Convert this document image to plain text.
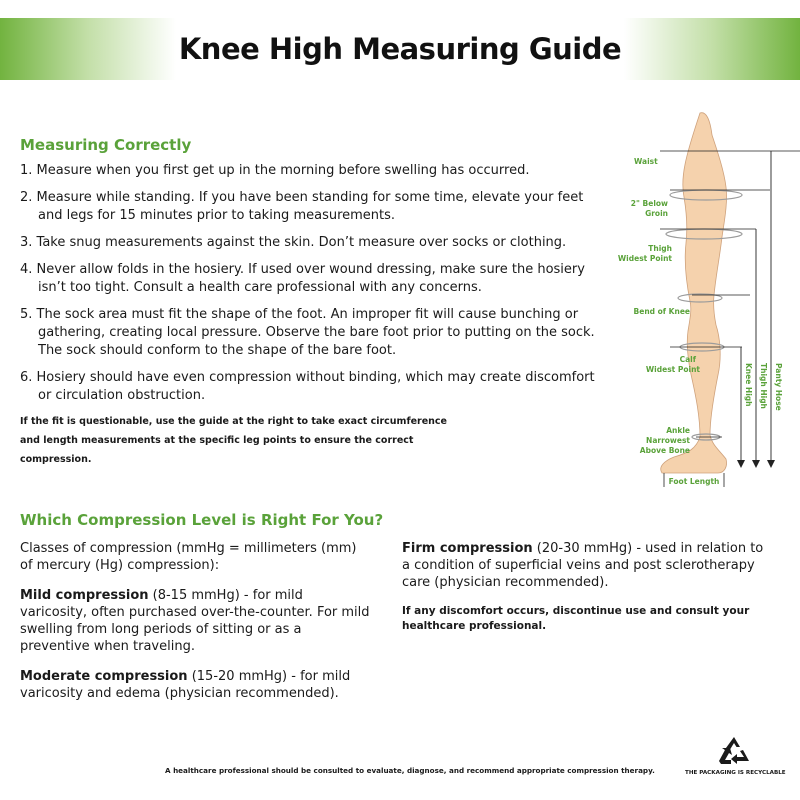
Knee High Measuring Guide
Measuring Correctly
1. Measure when you first get up in the morning before swelling has occurred.
2. Measure while standing. If you have been standing for some time, elevate your feet and legs for 15 minutes prior to taking measurements.
3. Take snug measurements against the skin. Don’t measure over socks or clothing.
4. Never allow folds in the hosiery. If used over wound dressing, make sure the hosiery isn’t too tight. Consult a health care professional with any concerns.
5. The sock area must fit the shape of the foot. An improper fit will cause bunching or gathering, creating local pressure. Observe the bare foot prior to putting on the sock. The sock should conform to the shape of the bare foot.
6. Hosiery should have even compression without binding, which may create discomfort or circulation obstruction.

If the fit is questionable, use the guide at the right to take exact circumference and length measurements at the specific leg points to ensure the correct compression.

Waist
2" Below
Groin
Thigh
Widest Point
Bend of Knee
Calf
Widest Point
Ankle
Narrowest
Above Bone
Foot Length
Knee High Thigh High Panty Hose
Which Compression Level is Right For You?

Classes of compression (mmHg = millimeters (mm) of mercury (Hg) compression):

Mild compression (8-15 mmHg) - for mild varicosity, often purchased over-the-counter. For mild swelling from long periods of sitting or as a preventive when traveling.

Moderate compression (15-20 mmHg) - for mild varicosity and edema (physician recommended).

Firm compression (20-30 mmHg) - used in relation to a condition of superficial veins and post sclerotherapy care (physician recommended).

If any discomfort occurs, discontinue use and consult your healthcare professional.

A healthcare professional should be consulted to evaluate, diagnose, and recommend appropriate compression therapy.	THE PACKAGING IS RECYCLABLE
